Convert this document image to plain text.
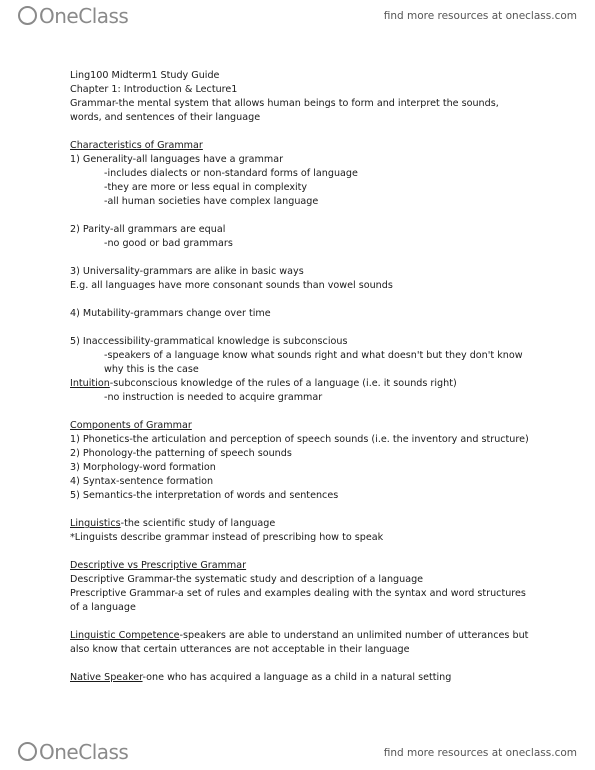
OneClass	find more resources at oneclass.com
Ling100 Midterm1 Study Guide
Chapter 1: Introduction & Lecture1
Grammar-the mental system that allows human beings to form and interpret the sounds,
words, and sentences of their language
Characteristics of Grammar
1) Generality-all languages have a grammar
-includes dialects or non-standard forms of language
-they are more or less equal in complexity
-all human societies have complex language
2) Parity-all grammars are equal
-no good or bad grammars
3) Universality-grammars are alike in basic ways
E.g. all languages have more consonant sounds than vowel sounds
4) Mutability-grammars change over time
5) Inaccessibility-grammatical knowledge is subconscious
-speakers of a language know what sounds right and what doesn't but they don't know
why this is the case
Intuition-subconscious knowledge of the rules of a language (i.e. it sounds right)
-no instruction is needed to acquire grammar
Components of Grammar
1) Phonetics-the articulation and perception of speech sounds (i.e. the inventory and structure)
2) Phonology-the patterning of speech sounds
3) Morphology-word formation
4) Syntax-sentence formation
5) Semantics-the interpretation of words and sentences
Linguistics-the scientific study of language
*Linguists describe grammar instead of prescribing how to speak
Descriptive vs Prescriptive Grammar
Descriptive Grammar-the systematic study and description of a language
Prescriptive Grammar-a set of rules and examples dealing with the syntax and word structures
of a language
Linguistic Competence-speakers are able to understand an unlimited number of utterances but
also know that certain utterances are not acceptable in their language
Native Speaker-one who has acquired a language as a child in a natural setting
OneClass	find more resources at oneclass.com
